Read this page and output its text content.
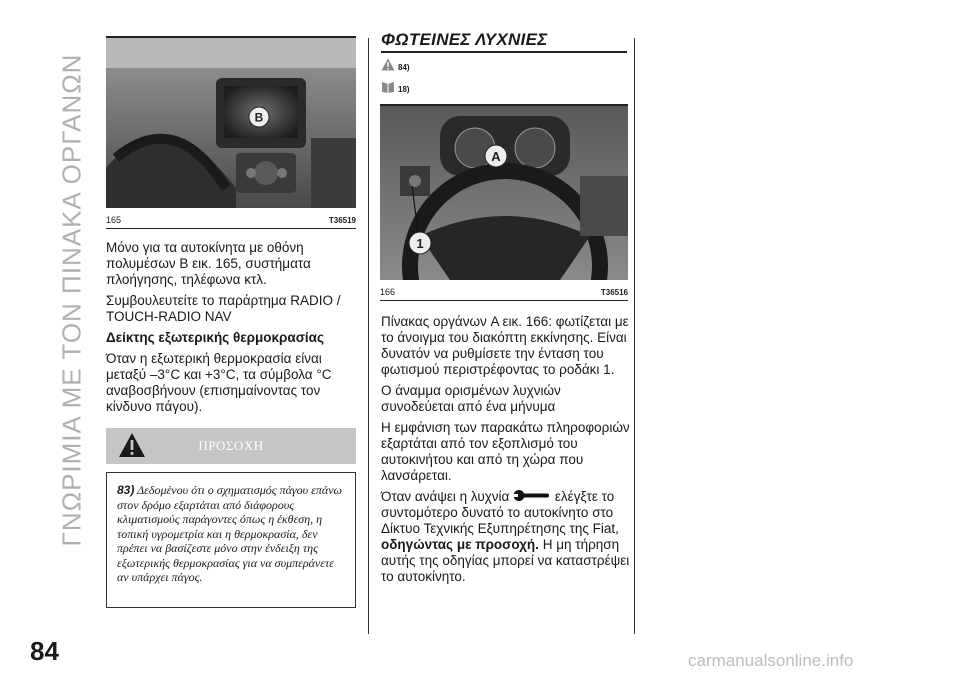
ΓΝΩΡΙΜΙΑ ΜΕ ΤΟΝ ΠΙΝΑΚΑ ΟΡΓΑΝΩΝ
84	carmanualsonline.info
B
165	T36519

Μόνο για τα αυτοκίνητα με οθόνη πολυμέσων B εικ. 165, συστήματα πλοήγησης, τηλέφωνα κτλ.

Συμβουλευτείτε το παράρτημα RADIO / TOUCH-RADIO NAV

Δείκτης εξωτερικής θερμοκρασίας

Όταν η εξωτερική θερμοκρασία είναι μεταξύ –3°C και +3°C, τα σύμβολα °C αναβοσβήνουν (επισημαίνοντας τον κίνδυνο πάγου).

ΠΡΟΣΟΧΗ
83) Δεδομένου ότι ο σχηματισμός πάγου επάνω στον δρόμο εξαρτάται από διάφορους κλιματισμούς παράγοντες όπως η έκθεση, η τοπική υγρομετρία και η θερμοκρασία, δεν πρέπει να βασίζεστε μόνο στην ένδειξη της εξωτερικής θερμοκρασίας για να συμπεράνετε αν υπάρχει πάγος.
ΦΩΤΕΙΝΕΣ ΛΥΧΝΙΕΣ
84)
18)
A
1
166	T36516

Πίνακας οργάνων A εικ. 166: φωτίζεται με το άνοιγμα του διακόπτη εκκίνησης. Είναι δυνατόν να ρυθμίσετε την ένταση του φωτισμού περιστρέφοντας το ροδάκι 1.

Ο άναμμα ορισμένων λυχνιών συνοδεύεται από ένα μήνυμα

Η εμφάνιση των παρακάτω πληροφοριών εξαρτάται από τον εξοπλισμό του αυτοκινήτου και από τη χώρα που λανσάρεται.

Όταν ανάψει η λυχνία	ελέγξτε το συντομότερο δυνατό το αυτοκίνητο στο Δίκτυο Τεχνικής Εξυπηρέτησης της Fiat, οδηγώντας με προσοχή. Η μη τήρηση αυτής της οδηγίας μπορεί να καταστρέψει το αυτοκίνητο.
